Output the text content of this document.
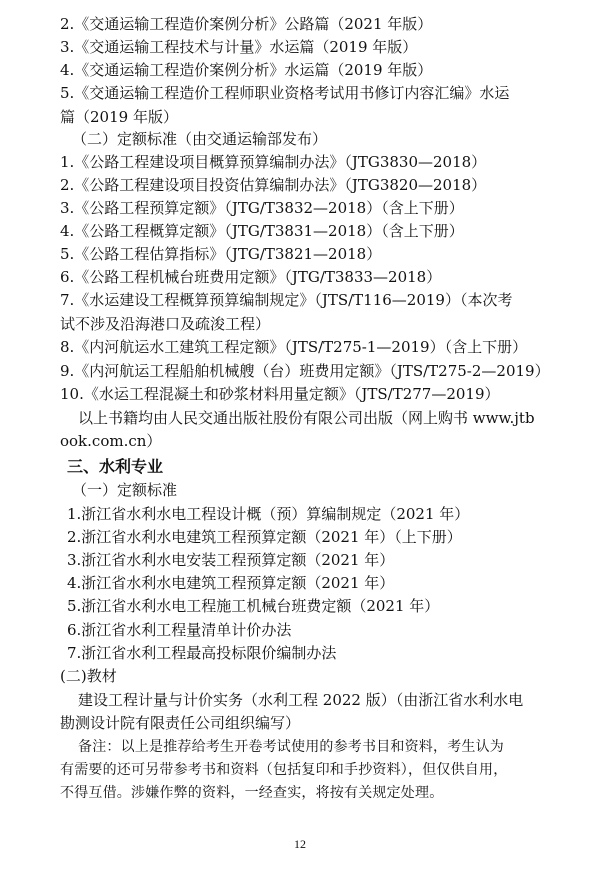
2.《交通运输工程造价案例分析》公路篇（2021 年版）
3.《交通运输工程技术与计量》水运篇（2019 年版）
4.《交通运输工程造价案例分析》水运篇（2019 年版）
5.《交通运输工程造价工程师职业资格考试用书修订内容汇编》水运
篇（2019 年版）
（二）定额标准（由交通运输部发布）
1.《公路工程建设项目概算预算编制办法》（JTG3830—2018）
2.《公路工程建设项目投资估算编制办法》（JTG3820—2018）
3.《公路工程预算定额》（JTG/T3832—2018）（含上下册）
4.《公路工程概算定额》（JTG/T3831—2018）（含上下册）
5.《公路工程估算指标》（JTG/T3821—2018）
6.《公路工程机械台班费用定额》（JTG/T3833—2018）
7.《水运建设工程概算预算编制规定》（JTS/T116—2019）（本次考
试不涉及沿海港口及疏浚工程）
8.《内河航运水工建筑工程定额》（JTS/T275-1—2019）（含上下册）
9.《内河航运工程船舶机械艘（台）班费用定额》（JTS/T275-2—2019）
10.《水运工程混凝土和砂浆材料用量定额》（JTS/T277—2019）
以上书籍均由人民交通出版社股份有限公司出版（网上购书 www.jtb
ook.com.cn）
三、水利专业
（一）定额标准
1.浙江省水利水电工程设计概（预）算编制规定（2021 年）
2.浙江省水利水电建筑工程预算定额（2021 年）（上下册）
3.浙江省水利水电安装工程预算定额（2021 年）
4.浙江省水利水电建筑工程预算定额（2021 年）
5.浙江省水利水电工程施工机械台班费定额（2021 年）
6.浙江省水利工程量清单计价办法
7.浙江省水利工程最高投标限价编制办法
(二)教材
建设工程计量与计价实务（水利工程 2022 版）（由浙江省水利水电
勘测设计院有限责任公司组织编写）
备注：以上是推荐给考生开卷考试使用的参考书目和资料，考生认为
有需要的还可另带参考书和资料（包括复印和手抄资料），但仅供自用，
不得互借。涉嫌作弊的资料，一经查实，将按有关规定处理。
12
